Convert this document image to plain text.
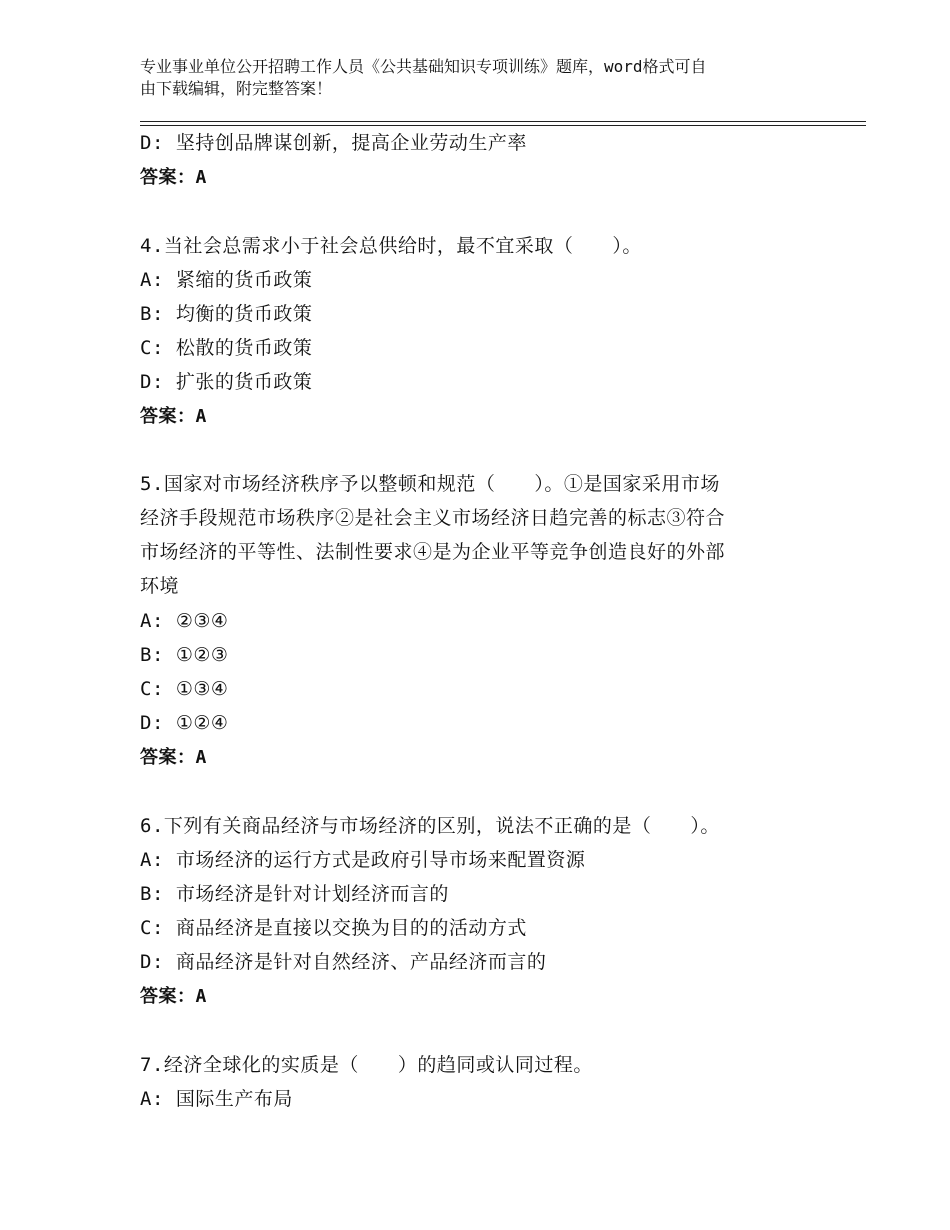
专业事业单位公开招聘工作人员《公共基础知识专项训练》题库，word格式可自
由下载编辑，附完整答案！
D: 坚持创品牌谋创新，提高企业劳动生产率
答案：A
4.当社会总需求小于社会总供给时，最不宜采取（　　）。
A: 紧缩的货币政策
B: 均衡的货币政策
C: 松散的货币政策
D: 扩张的货币政策
答案：A
5.国家对市场经济秩序予以整顿和规范（　　）。①是国家采用市场
经济手段规范市场秩序②是社会主义市场经济日趋完善的标志③符合
市场经济的平等性、法制性要求④是为企业平等竞争创造良好的外部
环境
A: ②③④
B: ①②③
C: ①③④
D: ①②④
答案：A
6.下列有关商品经济与市场经济的区别，说法不正确的是（　　）。
A: 市场经济的运行方式是政府引导市场来配置资源
B: 市场经济是针对计划经济而言的
C: 商品经济是直接以交换为目的的活动方式
D: 商品经济是针对自然经济、产品经济而言的
答案：A
7.经济全球化的实质是（　　）的趋同或认同过程。
A: 国际生产布局
